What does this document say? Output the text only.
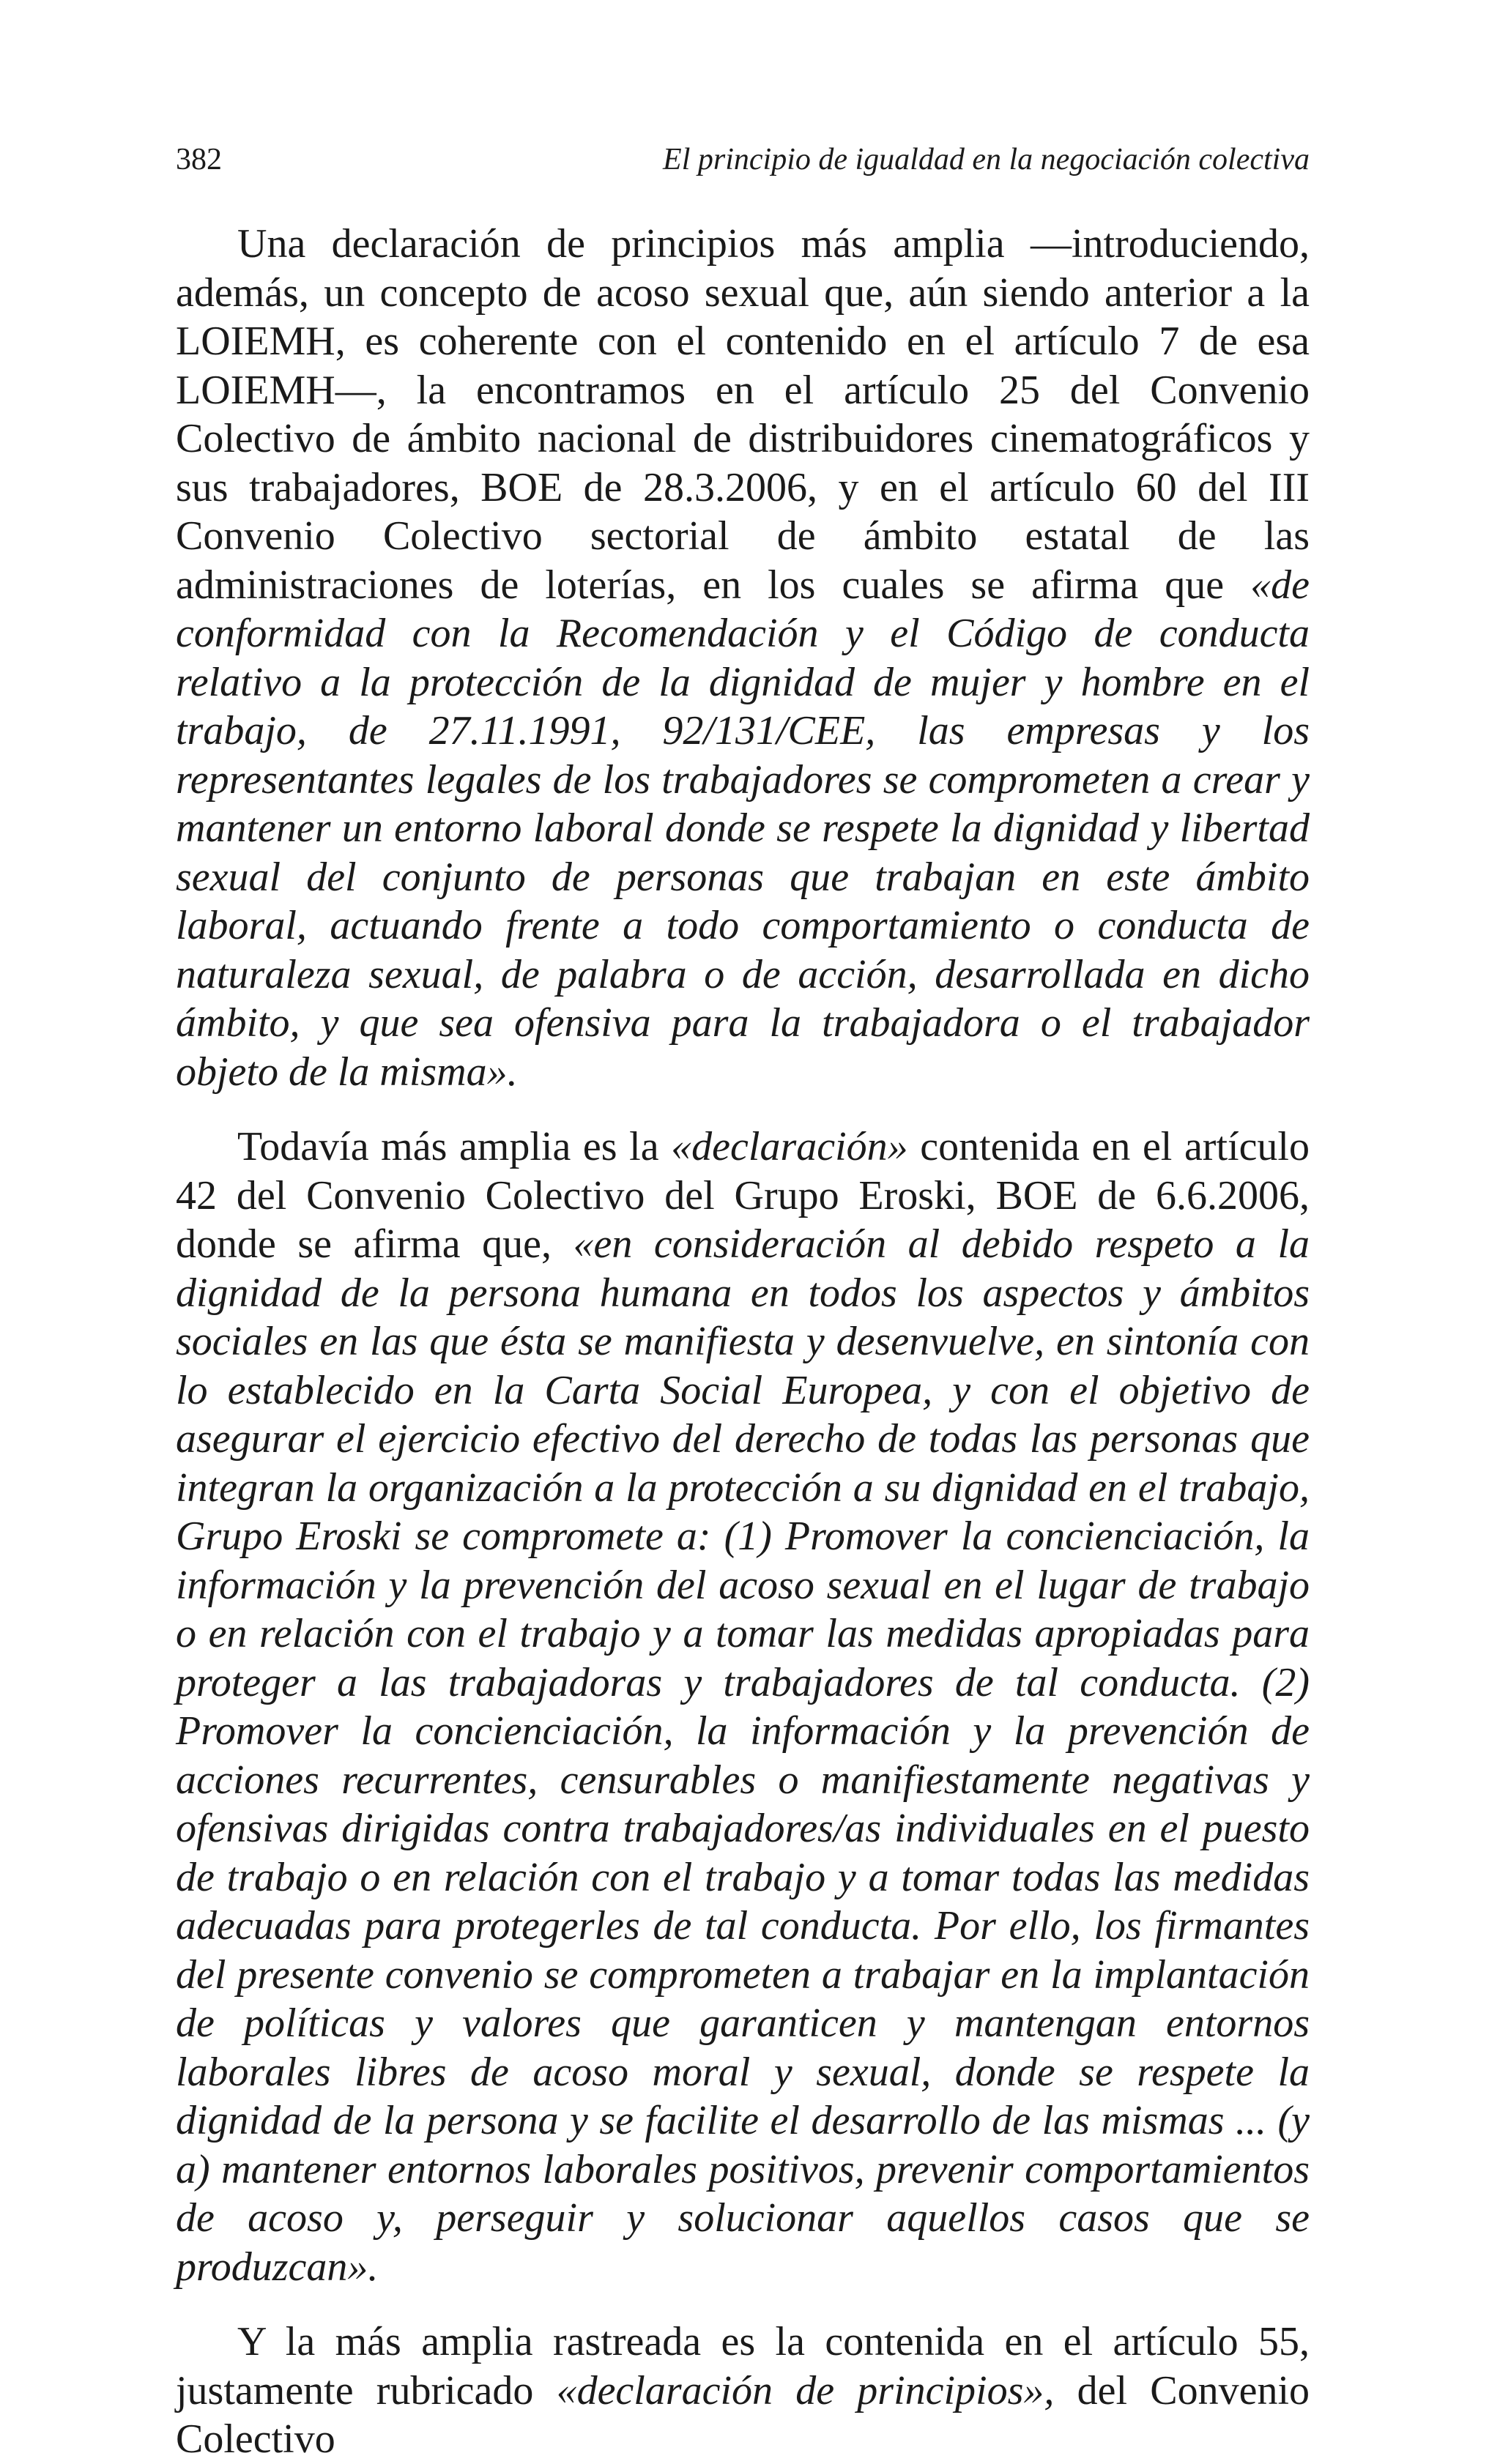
382	El principio de igualdad en la negociación colectiva

Una declaración de principios más amplia —introduciendo, además, un concepto de acoso sexual que, aún siendo anterior a la LOIEMH, es coherente con el contenido en el artículo 7 de esa LOIEMH—, la encontramos en el artículo 25 del Convenio Colectivo de ámbito nacional de distribuidores cinematográficos y sus trabajadores, BOE de 28.3.2006, y en el artículo 60 del III Convenio Colectivo sectorial de ámbito estatal de las administraciones de loterías, en los cuales se afirma que «de conformidad con la Recomendación y el Código de conducta relativo a la protección de la dignidad de mujer y hombre en el trabajo, de 27.11.1991, 92/131/CEE, las empresas y los representantes legales de los trabajadores se comprometen a crear y mantener un entorno laboral donde se respete la dignidad y libertad sexual del conjunto de personas que trabajan en este ámbito laboral, actuando frente a todo comportamiento o conducta de naturaleza sexual, de palabra o de acción, desarrollada en dicho ámbito, y que sea ofensiva para la trabajadora o el trabajador objeto de la misma».

Todavía más amplia es la «declaración» contenida en el artículo 42 del Convenio Colectivo del Grupo Eroski, BOE de 6.6.2006, donde se afirma que, «en consideración al debido respeto a la dignidad de la persona humana en todos los aspectos y ámbitos sociales en las que ésta se manifiesta y desenvuelve, en sintonía con lo establecido en la Carta Social Europea, y con el objetivo de asegurar el ejercicio efectivo del derecho de todas las personas que integran la organización a la protección a su dignidad en el trabajo, Grupo Eroski se compromete a: (1) Promover la concienciación, la información y la prevención del acoso sexual en el lugar de trabajo o en relación con el trabajo y a tomar las medidas apropiadas para proteger a las trabajadoras y trabajadores de tal conducta. (2) Promover la concienciación, la información y la prevención de acciones recurrentes, censurables o manifiestamente negativas y ofensivas dirigidas contra trabajadores/as individuales en el puesto de trabajo o en relación con el trabajo y a tomar todas las medidas adecuadas para protegerles de tal conducta. Por ello, los firmantes del presente convenio se comprometen a trabajar en la implantación de políticas y valores que garanticen y mantengan entornos laborales libres de acoso moral y sexual, donde se respete la dignidad de la persona y se facilite el desarrollo de las mismas ... (y a) mantener entornos laborales positivos, prevenir comportamientos de acoso y, perseguir y solucionar aquellos casos que se produzcan».

Y la más amplia rastreada es la contenida en el artículo 55, justamente rubricado «declaración de principios», del Convenio Colectivo
